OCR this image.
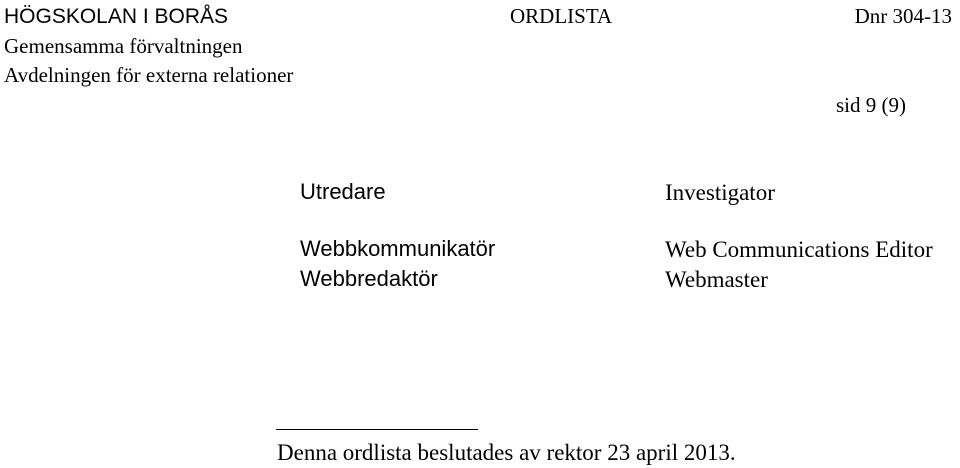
HÖGSKOLAN I BORÅS	ORDLISTA	Dnr 304-13
Gemensamma förvaltningen
Avdelningen för externa relationer
sid 9 (9)
Utredare	Investigator
Webbkommunikatör	Web Communications Editor
Webbredaktör	Webmaster
Denna ordlista beslutades av rektor 23 april 2013.
